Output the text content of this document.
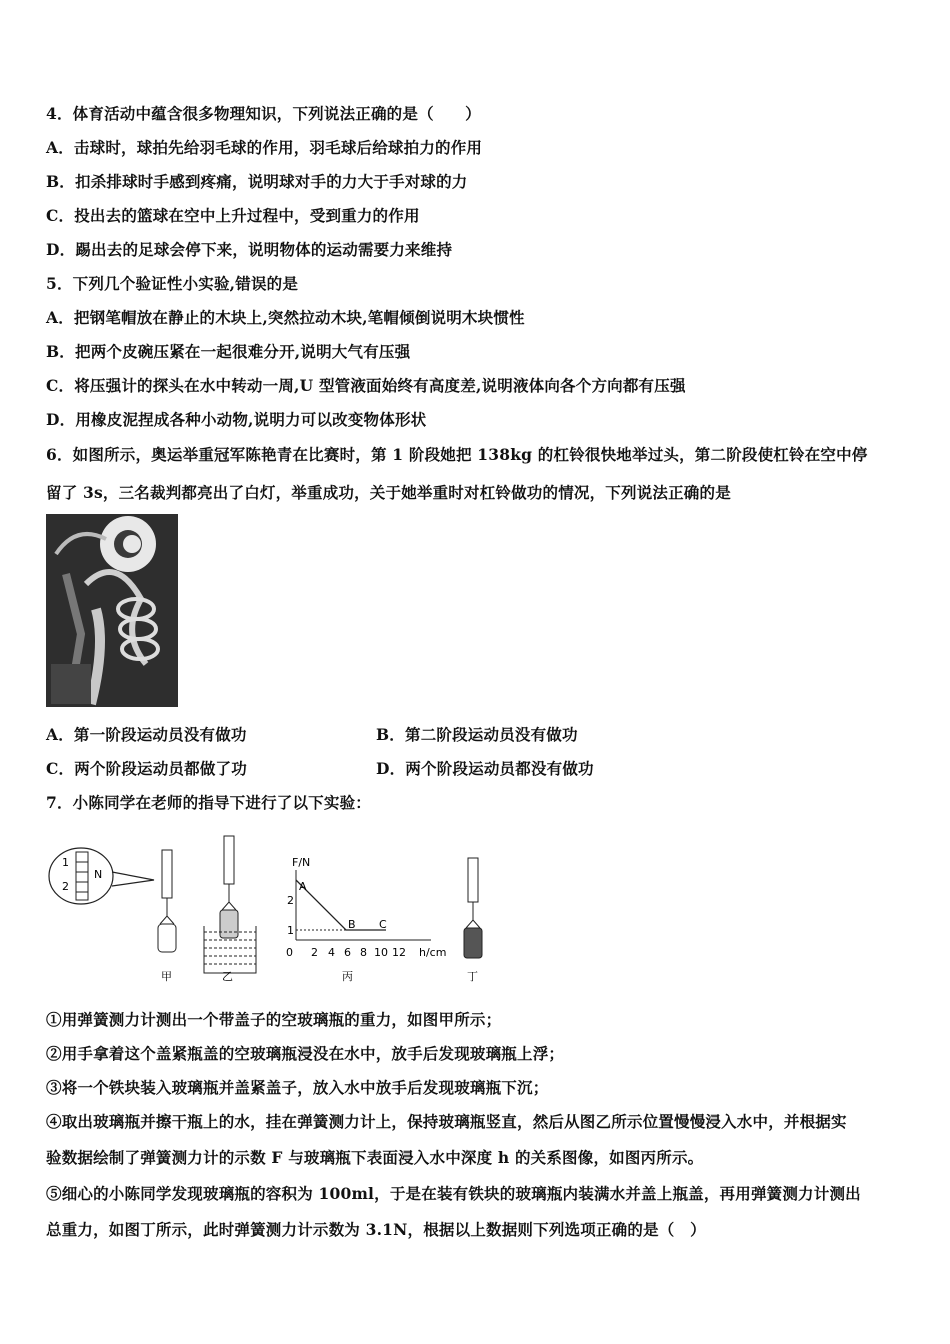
4．体育活动中蕴含很多物理知识，下列说法正确的是（　　）
A．击球时，球拍先给羽毛球的作用，羽毛球后给球拍力的作用
B．扣杀排球时手感到疼痛，说明球对手的力大于手对球的力
C．投出去的篮球在空中上升过程中，受到重力的作用
D．踢出去的足球会停下来，说明物体的运动需要力来维持
5．下列几个验证性小实验,错误的是
A．把钢笔帽放在静止的木块上,突然拉动木块,笔帽倾倒说明木块惯性
B．把两个皮碗压紧在一起很难分开,说明大气有压强
C．将压强计的探头在水中转动一周,U 型管液面始终有高度差,说明液体向各个方向都有压强
D．用橡皮泥捏成各种小动物,说明力可以改变物体形状
6．如图所示，奥运举重冠军陈艳青在比赛时，第 1 阶段她把 138kg 的杠铃很快地举过头，第二阶段使杠铃在空中停
留了 3s，三名裁判都亮出了白灯，举重成功，关于她举重时对杠铃做功的情况，下列说法正确的是
A．第一阶段运动员没有做功	B．第二阶段运动员没有做功
C．两个阶段运动员都做了功	D．两个阶段运动员都没有做功
7．小陈同学在老师的指导下进行了以下实验：
1
2
N
F/N
h/cm
1
2
0 2 4 6 8 10 12
A
B C
甲	乙	丙	丁
①用弹簧测力计测出一个带盖子的空玻璃瓶的重力，如图甲所示；
②用手拿着这个盖紧瓶盖的空玻璃瓶浸没在水中，放手后发现玻璃瓶上浮；
③将一个铁块装入玻璃瓶并盖紧盖子，放入水中放手后发现玻璃瓶下沉；
④取出玻璃瓶并擦干瓶上的水，挂在弹簧测力计上，保持玻璃瓶竖直，然后从图乙所示位置慢慢浸入水中，并根据实
验数据绘制了弹簧测力计的示数 F 与玻璃瓶下表面浸入水中深度 h 的关系图像，如图丙所示。
⑤细心的小陈同学发现玻璃瓶的容积为 100ml，于是在装有铁块的玻璃瓶内装满水并盖上瓶盖，再用弹簧测力计测出
总重力，如图丁所示，此时弹簧测力计示数为 3.1N，根据以上数据则下列选项正确的是（　）
